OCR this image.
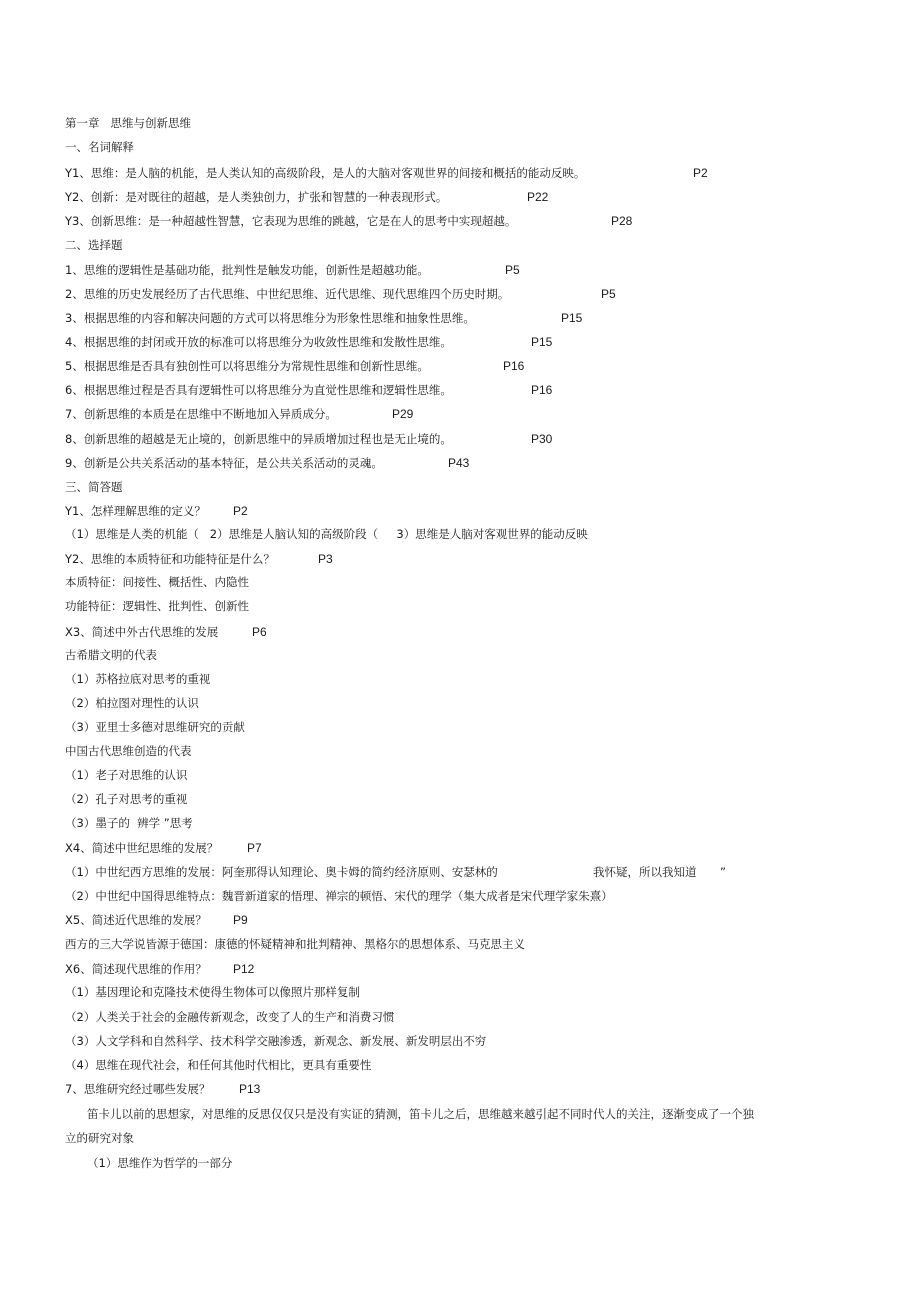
第一章   思维与创新思维
一、名词解释
Y1、思维：是人脑的机能，是人类认知的高级阶段，是人的大脑对客观世界的间接和概括的能动反映。	P2
Y2、创新：是对既往的超越，是人类独创力，扩张和智慧的一种表现形式。	P22
Y3、创新思维：是一种超越性智慧，它表现为思维的跳越，它是在人的思考中实现超越。	P28
二、选择题
1、思维的逻辑性是基础功能，批判性是触发功能，创新性是超越功能。	P5
2、思维的历史发展经历了古代思维、中世纪思维、近代思维、现代思维四个历史时期。	P5
3、根据思维的内容和解决问题的方式可以将思维分为形象性思维和抽象性思维。	P15
4、根据思维的封闭或开放的标准可以将思维分为收敛性思维和发散性思维。	P15
5、根据思维是否具有独创性可以将思维分为常规性思维和创新性思维。	P16
6、根据思维过程是否具有逻辑性可以将思维分为直觉性思维和逻辑性思维。	P16
7、创新思维的本质是在思维中不断地加入异质成分。	P29
8、创新思维的超越是无止境的，创新思维中的异质增加过程也是无止境的。	P30
9、创新是公共关系活动的基本特征，是公共关系活动的灵魂。	P43
三、简答题
Y1、怎样理解思维的定义？ P2
（1）思维是人类的机能（   2）思维是人脑认知的高级阶段（     3）思维是人脑对客观世界的能动反映
Y2、思维的本质特征和功能特征是什么？	P3
本质特征：间接性、概括性、内隐性
功能特征：逻辑性、批判性、创新性
X3、简述中外古代思维的发展	P6
古希腊文明的代表
（1）苏格拉底对思考的重视
（2）柏拉图对理性的认识
（3）亚里士多德对思维研究的贡献
中国古代思维创造的代表
（1）老子对思维的认识
（2）孔子对思考的重视
（3）墨子的  辨学 ”思考
X4、简述中世纪思维的发展？ P7
（1）中世纪西方思维的发展：阿奎那得认知理论、奥卡姆的简约经济原则、安瑟林的	我怀疑，所以我知道 ”
（2）中世纪中国得思维特点：魏晋新道家的悟理、禅宗的顿悟、宋代的理学（集大成者是宋代理学家朱熹）
X5、简述近代思维的发展？ P9
西方的三大学说皆源于德国：康德的怀疑精神和批判精神、黑格尔的思想体系、马克思主义
X6、简述现代思维的作用？ P12
（1）基因理论和克隆技术使得生物体可以像照片那样复制
（2）人类关于社会的金融传新观念，改变了人的生产和消费习惯
（3）人文学科和自然科学、技术科学交融渗透，新观念、新发展、新发明层出不穷
（4）思维在现代社会，和任何其他时代相比，更具有重要性
7、思维研究经过哪些发展？ P13
笛卡儿以前的思想家，对思维的反思仅仅只是没有实证的猜测，笛卡儿之后，思维越来越引起不同时代人的关注，逐渐变成了一个独
立的研究对象
（1）思维作为哲学的一部分
